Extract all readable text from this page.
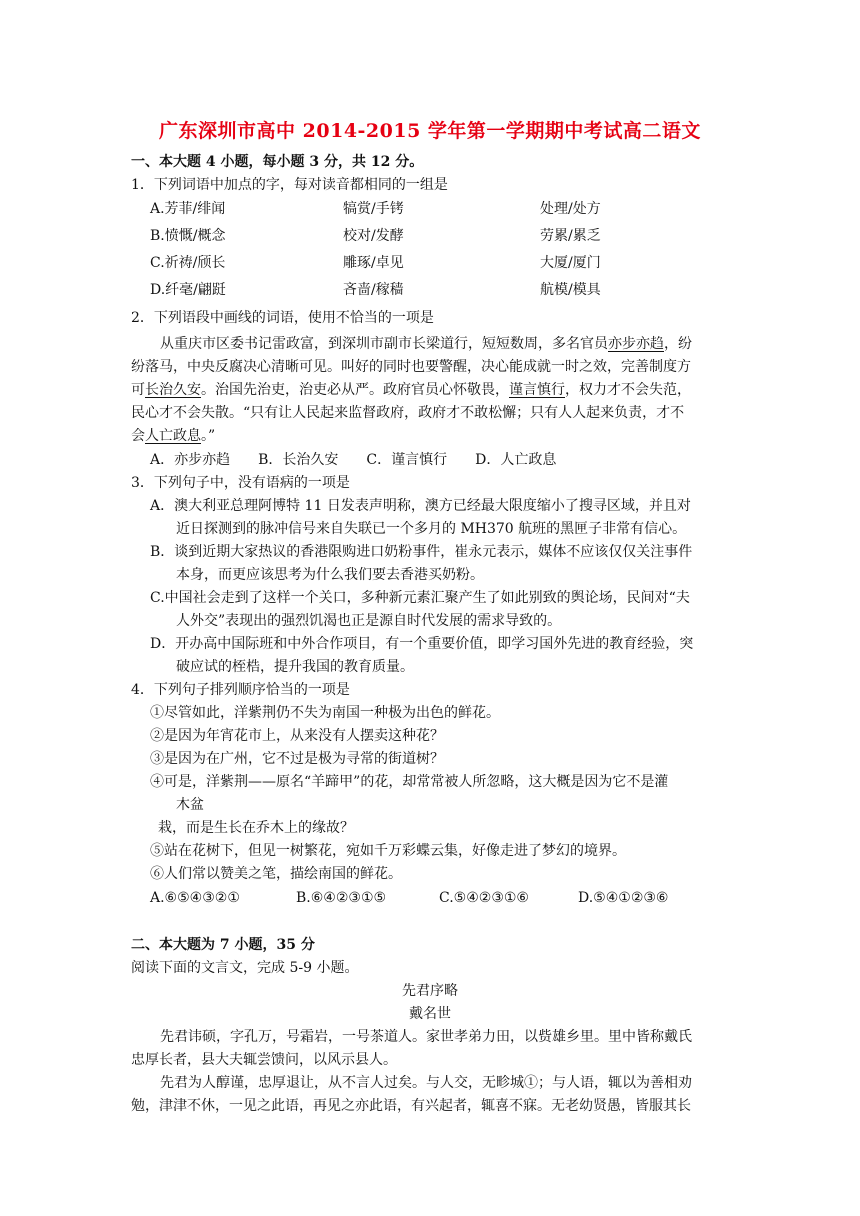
广东深圳市高中 2014-2015 学年第一学期期中考试高二语文
一、本大题 4 小题，每小题 3 分，共 12 分。
1．下列词语中加点的字，每对读音都相同的一组是
A.芳菲/绯闻	犒赏/手铐	处理/处方
B.愤慨/概念	校对/发酵	劳累/累乏
C.祈祷/颀长	雕琢/卓见	大厦/厦门
D.纤毫/翩跹	吝啬/稼穑	航模/模具
2．下列语段中画线的词语，使用不恰当的一项是
从重庆市区委书记雷政富，到深圳市副市长梁道行，短短数周，多名官员亦步亦趋，纷
纷落马，中央反腐决心清晰可见。叫好的同时也要警醒，决心能成就一时之效，完善制度方
可长治久安。治国先治吏，治吏必从严。政府官员心怀敬畏，谨言慎行，权力才不会失范，
民心才不会失散。“只有让人民起来监督政府，政府才不敢松懈；只有人人起来负责，才不
会人亡政息。”
A．亦步亦趋　　B．长治久安　　C．谨言慎行　　D．人亡政息
3．下列句子中，没有语病的一项是
A．澳大利亚总理阿博特 11 日发表声明称，澳方已经最大限度缩小了搜寻区域，并且对
近日探测到的脉冲信号来自失联已一个多月的 MH370 航班的黑匣子非常有信心。
B．谈到近期大家热议的香港限购进口奶粉事件，崔永元表示，媒体不应该仅仅关注事件
本身，而更应该思考为什么我们要去香港买奶粉。
C.中国社会走到了这样一个关口，多种新元素汇聚产生了如此别致的舆论场，民间对“夫
人外交”表现出的强烈饥渴也正是源自时代发展的需求导致的。
D．开办高中国际班和中外合作项目，有一个重要价值，即学习国外先进的教育经验，突
破应试的桎梏，提升我国的教育质量。
4．下列句子排列顺序恰当的一项是
①尽管如此，洋紫荆仍不失为南国一种极为出色的鲜花。
②是因为年宵花市上，从来没有人摆卖这种花？
③是因为在广州，它不过是极为寻常的街道树？
④可是，洋紫荆——原名“羊蹄甲”的花，却常常被人所忽略，这大概是因为它不是灌
木盆
栽，而是生长在乔木上的缘故？
⑤站在花树下，但见一树繁花，宛如千万彩蝶云集，好像走进了梦幻的境界。
⑥人们常以赞美之笔，描绘南国的鲜花。
A.⑥⑤④③②①	B.⑥④②③①⑤	C.⑤④②③①⑥	D.⑤④①②③⑥
二、本大题为 7 小题，35 分
阅读下面的文言文，完成 5-9 小题。
先君序略
戴名世
先君讳硕，字孔万，号霜岩，一号茶道人。家世孝弟力田，以赀雄乡里。里中皆称戴氏
忠厚长者，县大夫辄尝馈问，以风示县人。
先君为人醇谨，忠厚退让，从不言人过矣。与人交，无畛城①；与人语，辄以为善相劝
勉，津津不休，一见之此语，再见之亦此语，有兴起者，辄喜不寐。无老幼贤愚，皆服其长
